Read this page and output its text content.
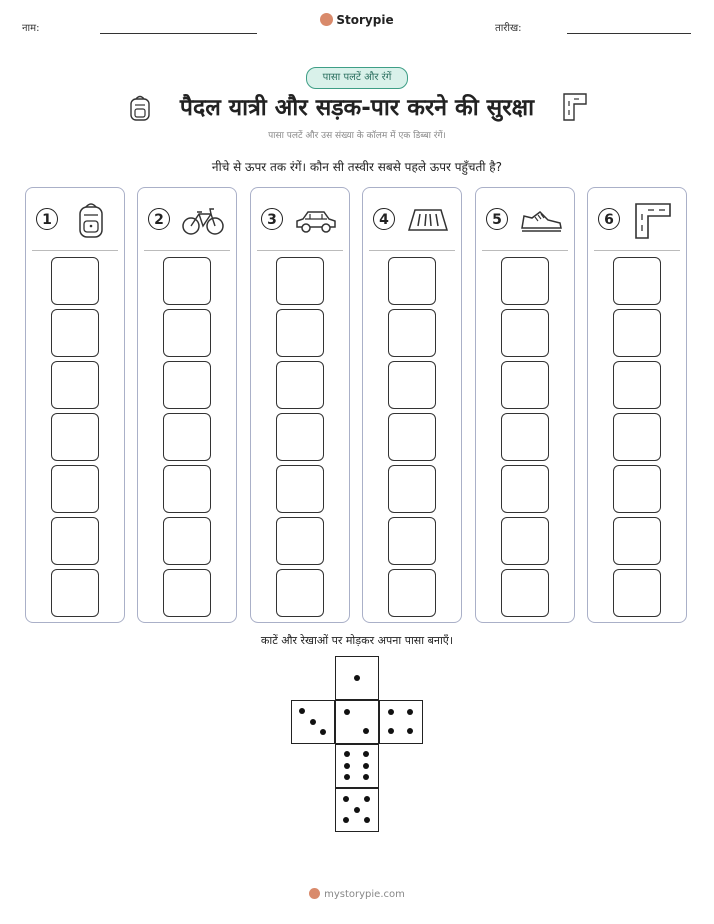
नाम:
Storypie
तारीख:
पासा पलटें और रंगें
पैदल यात्री और सड़क-पार करने की सुरक्षा
पासा पलटें और उस संख्या के कॉलम में एक डिब्बा रंगें।
नीचे से ऊपर तक रंगें। कौन सी तस्वीर सबसे पहले ऊपर पहुँचती है?
1	2	3	4	5	6
काटें और रेखाओं पर मोड़कर अपना पासा बनाएँ।
mystorypie.com
